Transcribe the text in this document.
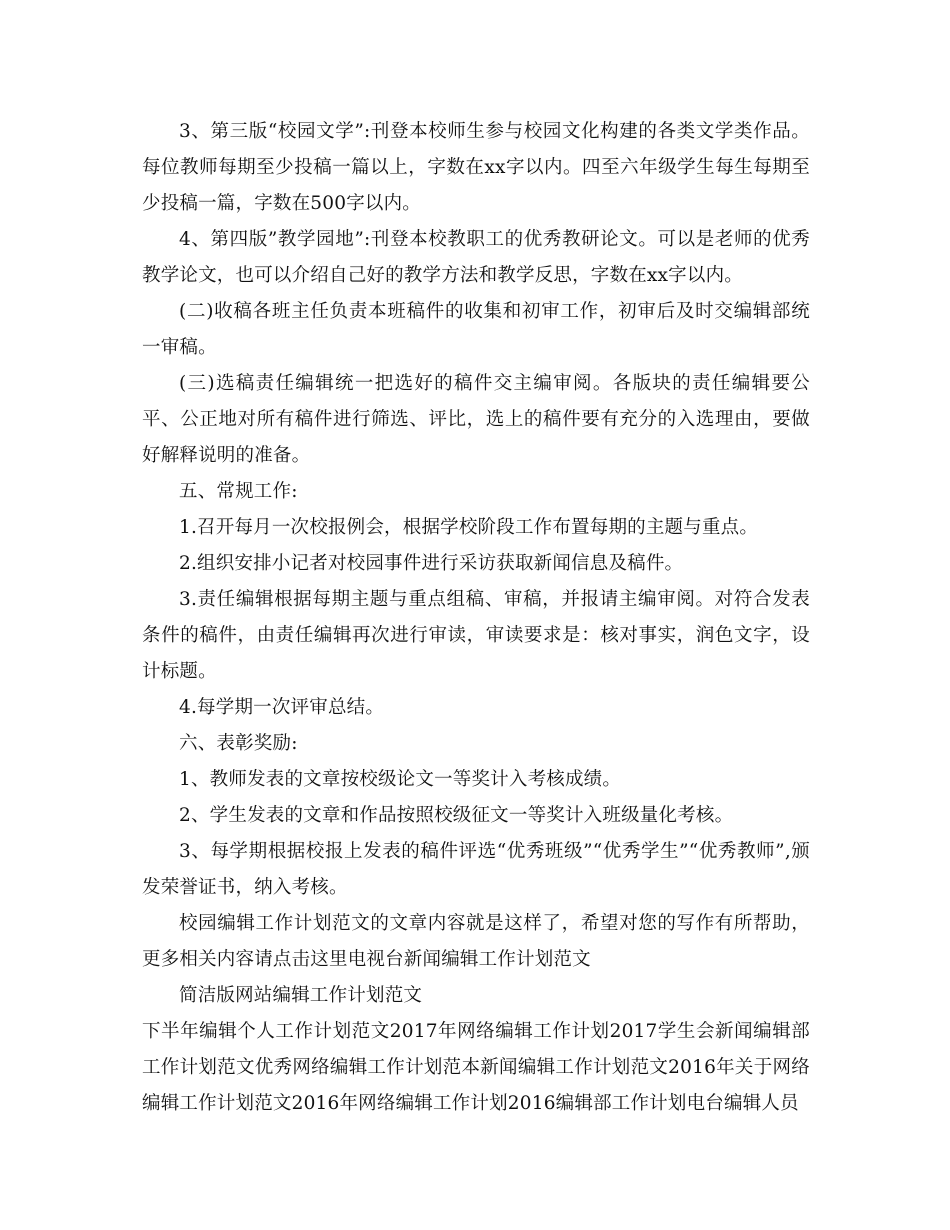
3、第三版“校园文学”:刊登本校师生参与校园文化构建的各类文学类作品。每位教师每期至少投稿一篇以上，字数在xx字以内。四至六年级学生每生每期至少投稿一篇，字数在500字以内。

4、第四版”教学园地”:刊登本校教职工的优秀教研论文。可以是老师的优秀教学论文，也可以介绍自己好的教学方法和教学反思，字数在xx字以内。

(二)收稿各班主任负责本班稿件的收集和初审工作，初审后及时交编辑部统一审稿。

(三)选稿责任编辑统一把选好的稿件交主编审阅。各版块的责任编辑要公平、公正地对所有稿件进行筛选、评比，选上的稿件要有充分的入选理由，要做好解释说明的准备。

五、常规工作:

1.召开每月一次校报例会，根据学校阶段工作布置每期的主题与重点。

2.组织安排小记者对校园事件进行采访获取新闻信息及稿件。

3.责任编辑根据每期主题与重点组稿、审稿，并报请主编审阅。对符合发表条件的稿件，由责任编辑再次进行审读，审读要求是：核对事实，润色文字，设计标题。

4.每学期一次评审总结。

六、表彰奖励:

1、教师发表的文章按校级论文一等奖计入考核成绩。

2、学生发表的文章和作品按照校级征文一等奖计入班级量化考核。

3、每学期根据校报上发表的稿件评选“优秀班级”“优秀学生”“优秀教师”,颁发荣誉证书，纳入考核。

校园编辑工作计划范文的文章内容就是这样了，希望对您的写作有所帮助，更多相关内容请点击这里电视台新闻编辑工作计划范文

简洁版网站编辑工作计划范文

下半年编辑个人工作计划范文2017年网络编辑工作计划2017学生会新闻编辑部工作计划范文优秀网络编辑工作计划范本新闻编辑工作计划范文2016年关于网络编辑工作计划范文2016年网络编辑工作计划2016编辑部工作计划电台编辑人员
